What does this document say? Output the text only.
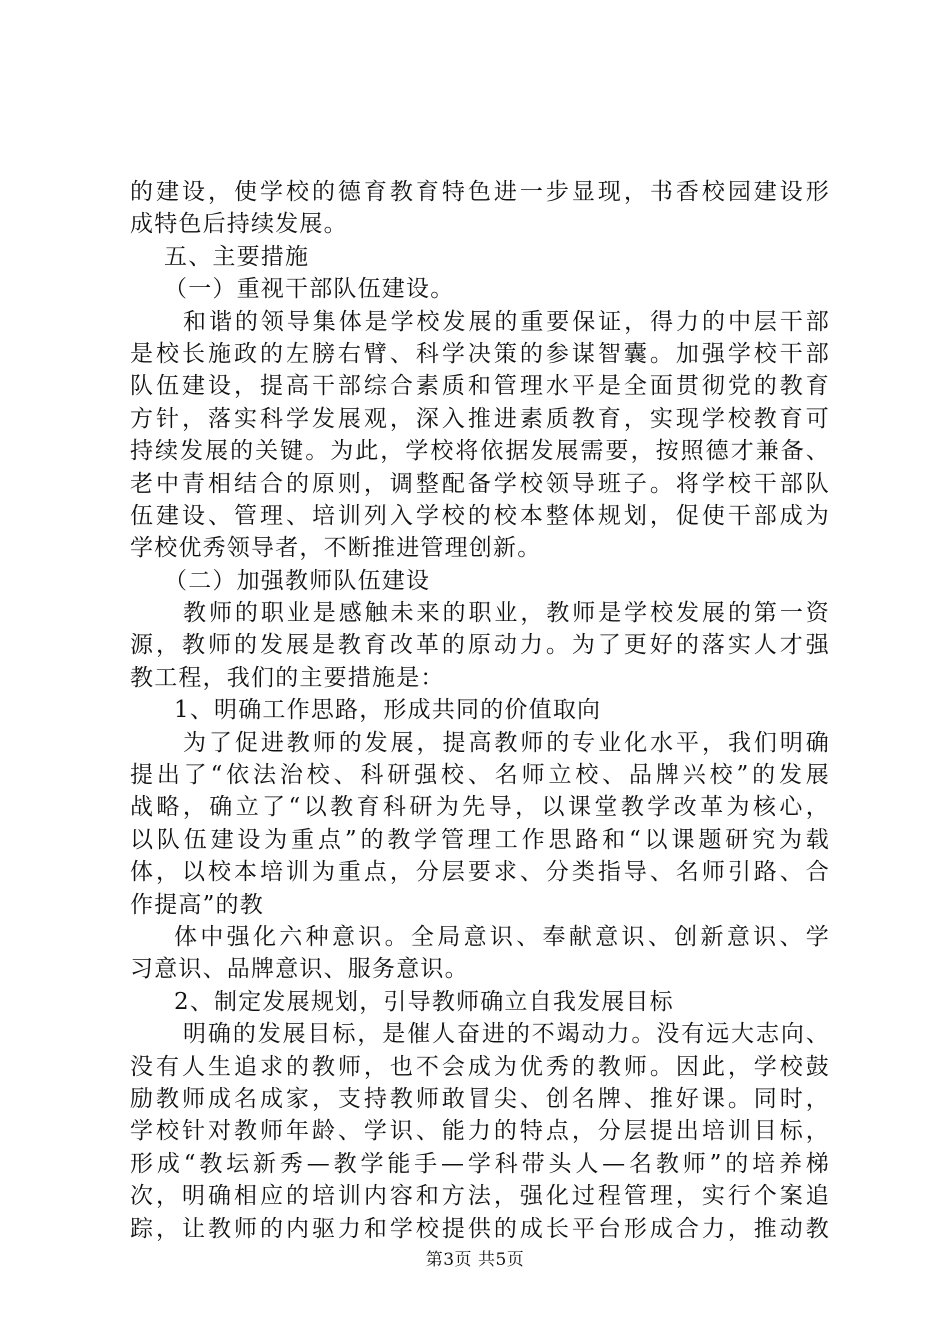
的建设，使学校的德育教育特色进一步显现，书香校园建设形
成特色后持续发展。
五、主要措施
（一）重视干部队伍建设。
和谐的领导集体是学校发展的重要保证，得力的中层干部
是校长施政的左膀右臂、科学决策的参谋智囊。加强学校干部
队伍建设，提高干部综合素质和管理水平是全面贯彻党的教育
方针，落实科学发展观，深入推进素质教育，实现学校教育可
持续发展的关键。为此，学校将依据发展需要，按照德才兼备、
老中青相结合的原则，调整配备学校领导班子。将学校干部队
伍建设、管理、培训列入学校的校本整体规划，促使干部成为
学校优秀领导者，不断推进管理创新。
（二）加强教师队伍建设
教师的职业是感触未来的职业，教师是学校发展的第一资
源，教师的发展是教育改革的原动力。为了更好的落实人才强
教工程，我们的主要措施是：
1、明确工作思路，形成共同的价值取向
为了促进教师的发展，提高教师的专业化水平，我们明确
提出了“依法治校、科研强校、名师立校、品牌兴校”的发展
战略，确立了“以教育科研为先导，以课堂教学改革为核心，
以队伍建设为重点”的教学管理工作思路和“以课题研究为载
体，以校本培训为重点，分层要求、分类指导、名师引路、合
作提高”的教
体中强化六种意识。全局意识、奉献意识、创新意识、学
习意识、品牌意识、服务意识。
2、制定发展规划，引导教师确立自我发展目标
明确的发展目标，是催人奋进的不竭动力。没有远大志向、
没有人生追求的教师，也不会成为优秀的教师。因此，学校鼓
励教师成名成家，支持教师敢冒尖、创名牌、推好课。同时，
学校针对教师年龄、学识、能力的特点，分层提出培训目标，
形成“教坛新秀—教学能手—学科带头人—名教师”的培养梯
次，明确相应的培训内容和方法，强化过程管理，实行个案追
踪，让教师的内驱力和学校提供的成长平台形成合力，推动教
第3页 共5页
